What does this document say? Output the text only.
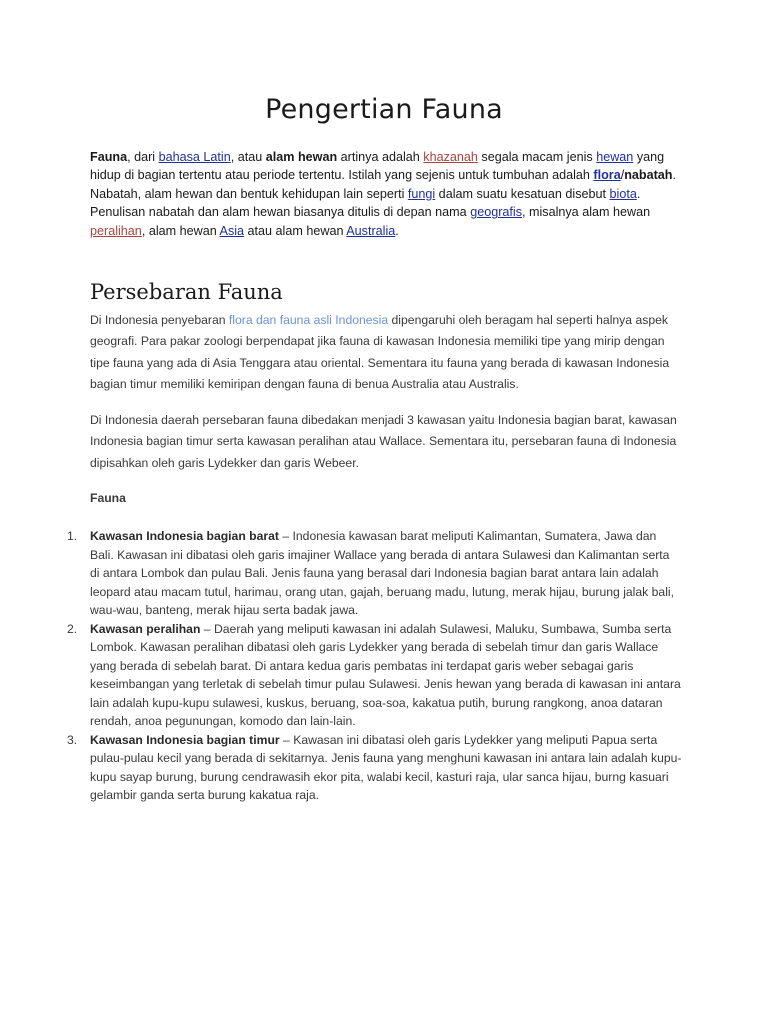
Pengertian Fauna

Fauna, dari bahasa Latin, atau alam hewan artinya adalah khazanah segala macam jenis hewan yang hidup di bagian tertentu atau periode tertentu. Istilah yang sejenis untuk tumbuhan adalah flora/nabatah. Nabatah, alam hewan dan bentuk kehidupan lain seperti fungi dalam suatu kesatuan disebut biota. Penulisan nabatah dan alam hewan biasanya ditulis di depan nama geografis, misalnya alam hewan peralihan, alam hewan Asia atau alam hewan Australia.

Persebaran Fauna

Di Indonesia penyebaran flora dan fauna asli Indonesia dipengaruhi oleh beragam hal seperti halnya aspek geografi. Para pakar zoologi berpendapat jika fauna di kawasan Indonesia memiliki tipe yang mirip dengan tipe fauna yang ada di Asia Tenggara atau oriental. Sementara itu fauna yang berada di kawasan Indonesia bagian timur memiliki kemiripan dengan fauna di benua Australia atau Australis.

Di Indonesia daerah persebaran fauna dibedakan menjadi 3 kawasan yaitu Indonesia bagian barat, kawasan Indonesia bagian timur serta kawasan peralihan atau Wallace. Sementara itu, persebaran fauna di Indonesia dipisahkan oleh garis Lydekker dan garis Webeer.

Fauna
1. Kawasan Indonesia bagian barat – Indonesia kawasan barat meliputi Kalimantan, Sumatera, Jawa dan Bali. Kawasan ini dibatasi oleh garis imajiner Wallace yang berada di antara Sulawesi dan Kalimantan serta di antara Lombok dan pulau Bali. Jenis fauna yang berasal dari Indonesia bagian barat antara lain adalah leopard atau macam tutul, harimau, orang utan, gajah, beruang madu, lutung, merak hijau, burung jalak bali, wau-wau, banteng, merak hijau serta badak jawa.
2. Kawasan peralihan – Daerah yang meliputi kawasan ini adalah Sulawesi, Maluku, Sumbawa, Sumba serta Lombok. Kawasan peralihan dibatasi oleh garis Lydekker yang berada di sebelah timur dan garis Wallace yang berada di sebelah barat. Di antara kedua garis pembatas ini terdapat garis weber sebagai garis keseimbangan yang terletak di sebelah timur pulau Sulawesi. Jenis hewan yang berada di kawasan ini antara lain adalah kupu-kupu sulawesi, kuskus, beruang, soa-soa, kakatua putih, burung rangkong, anoa dataran rendah, anoa pegunungan, komodo dan lain-lain.
3. Kawasan Indonesia bagian timur – Kawasan ini dibatasi oleh garis Lydekker yang meliputi Papua serta pulau-pulau kecil yang berada di sekitarnya. Jenis fauna yang menghuni kawasan ini antara lain adalah kupu-kupu sayap burung, burung cendrawasih ekor pita, walabi kecil, kasturi raja, ular sanca hijau, burng kasuari gelambir ganda serta burung kakatua raja.
